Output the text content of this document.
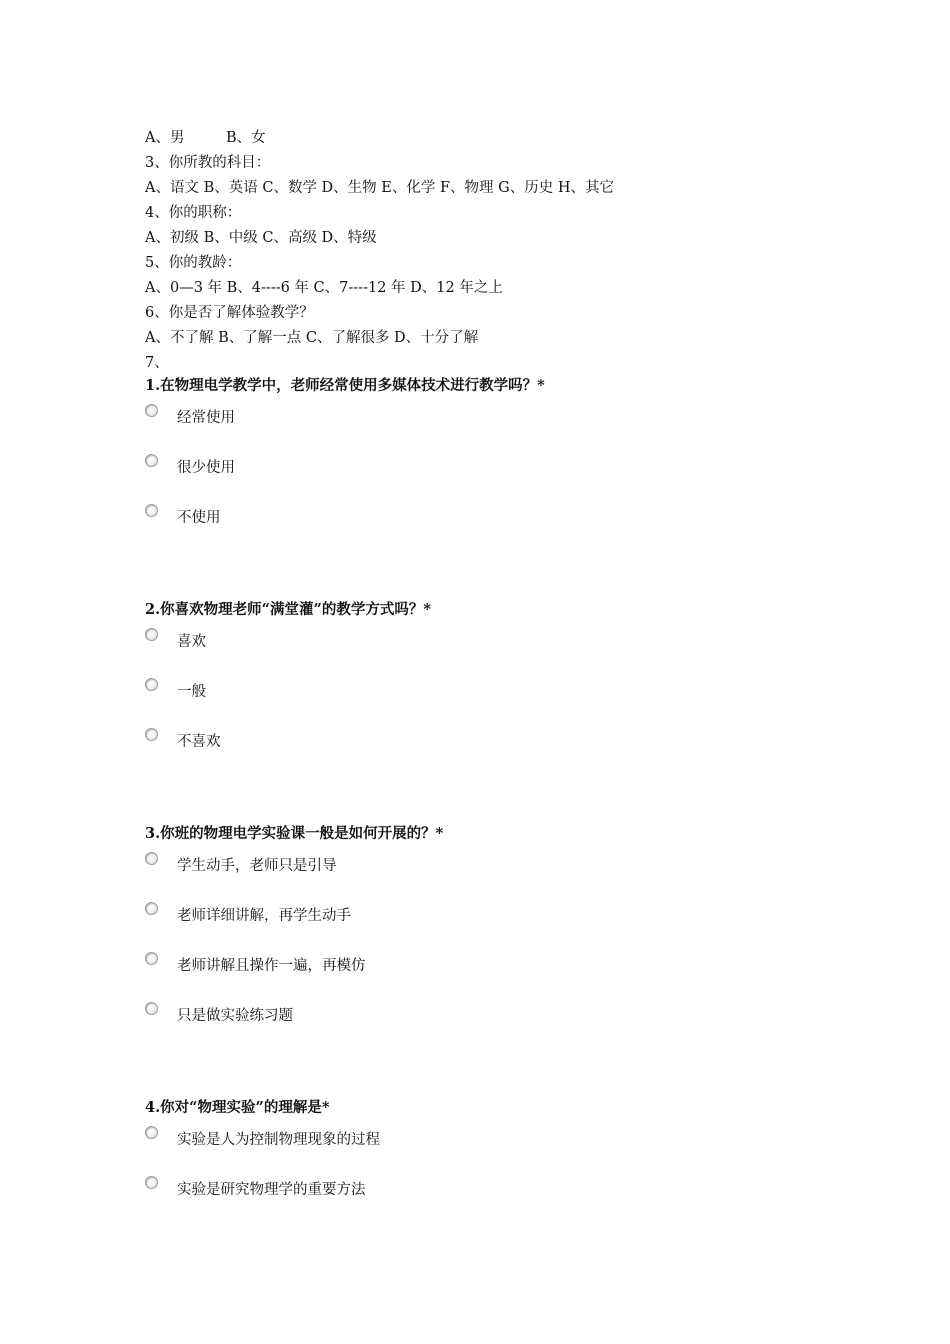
A、男         B、女
3、你所教的科目：
A、语文 B、英语 C、数学 D、生物 E、化学 F、物理 G、历史 H、其它
4、你的职称：
A、初级 B、中级 C、高级 D、特级
5、你的教龄：
A、0—3 年 B、4----6 年 C、7----12 年 D、12 年之上
6、你是否了解体验教学？
A、不了解 B、了解一点 C、了解很多 D、十分了解
7、
1.在物理电学教学中，老师经常使用多媒体技术进行教学吗？*
经常使用
很少使用
不使用
2.你喜欢物理老师“满堂灌”的教学方式吗？*
喜欢
一般
不喜欢
3.你班的物理电学实验课一般是如何开展的？*
学生动手，老师只是引导
老师详细讲解，再学生动手
老师讲解且操作一遍，再模仿
只是做实验练习题
4.你对“物理实验”的理解是*
实验是人为控制物理现象的过程
实验是研究物理学的重要方法
